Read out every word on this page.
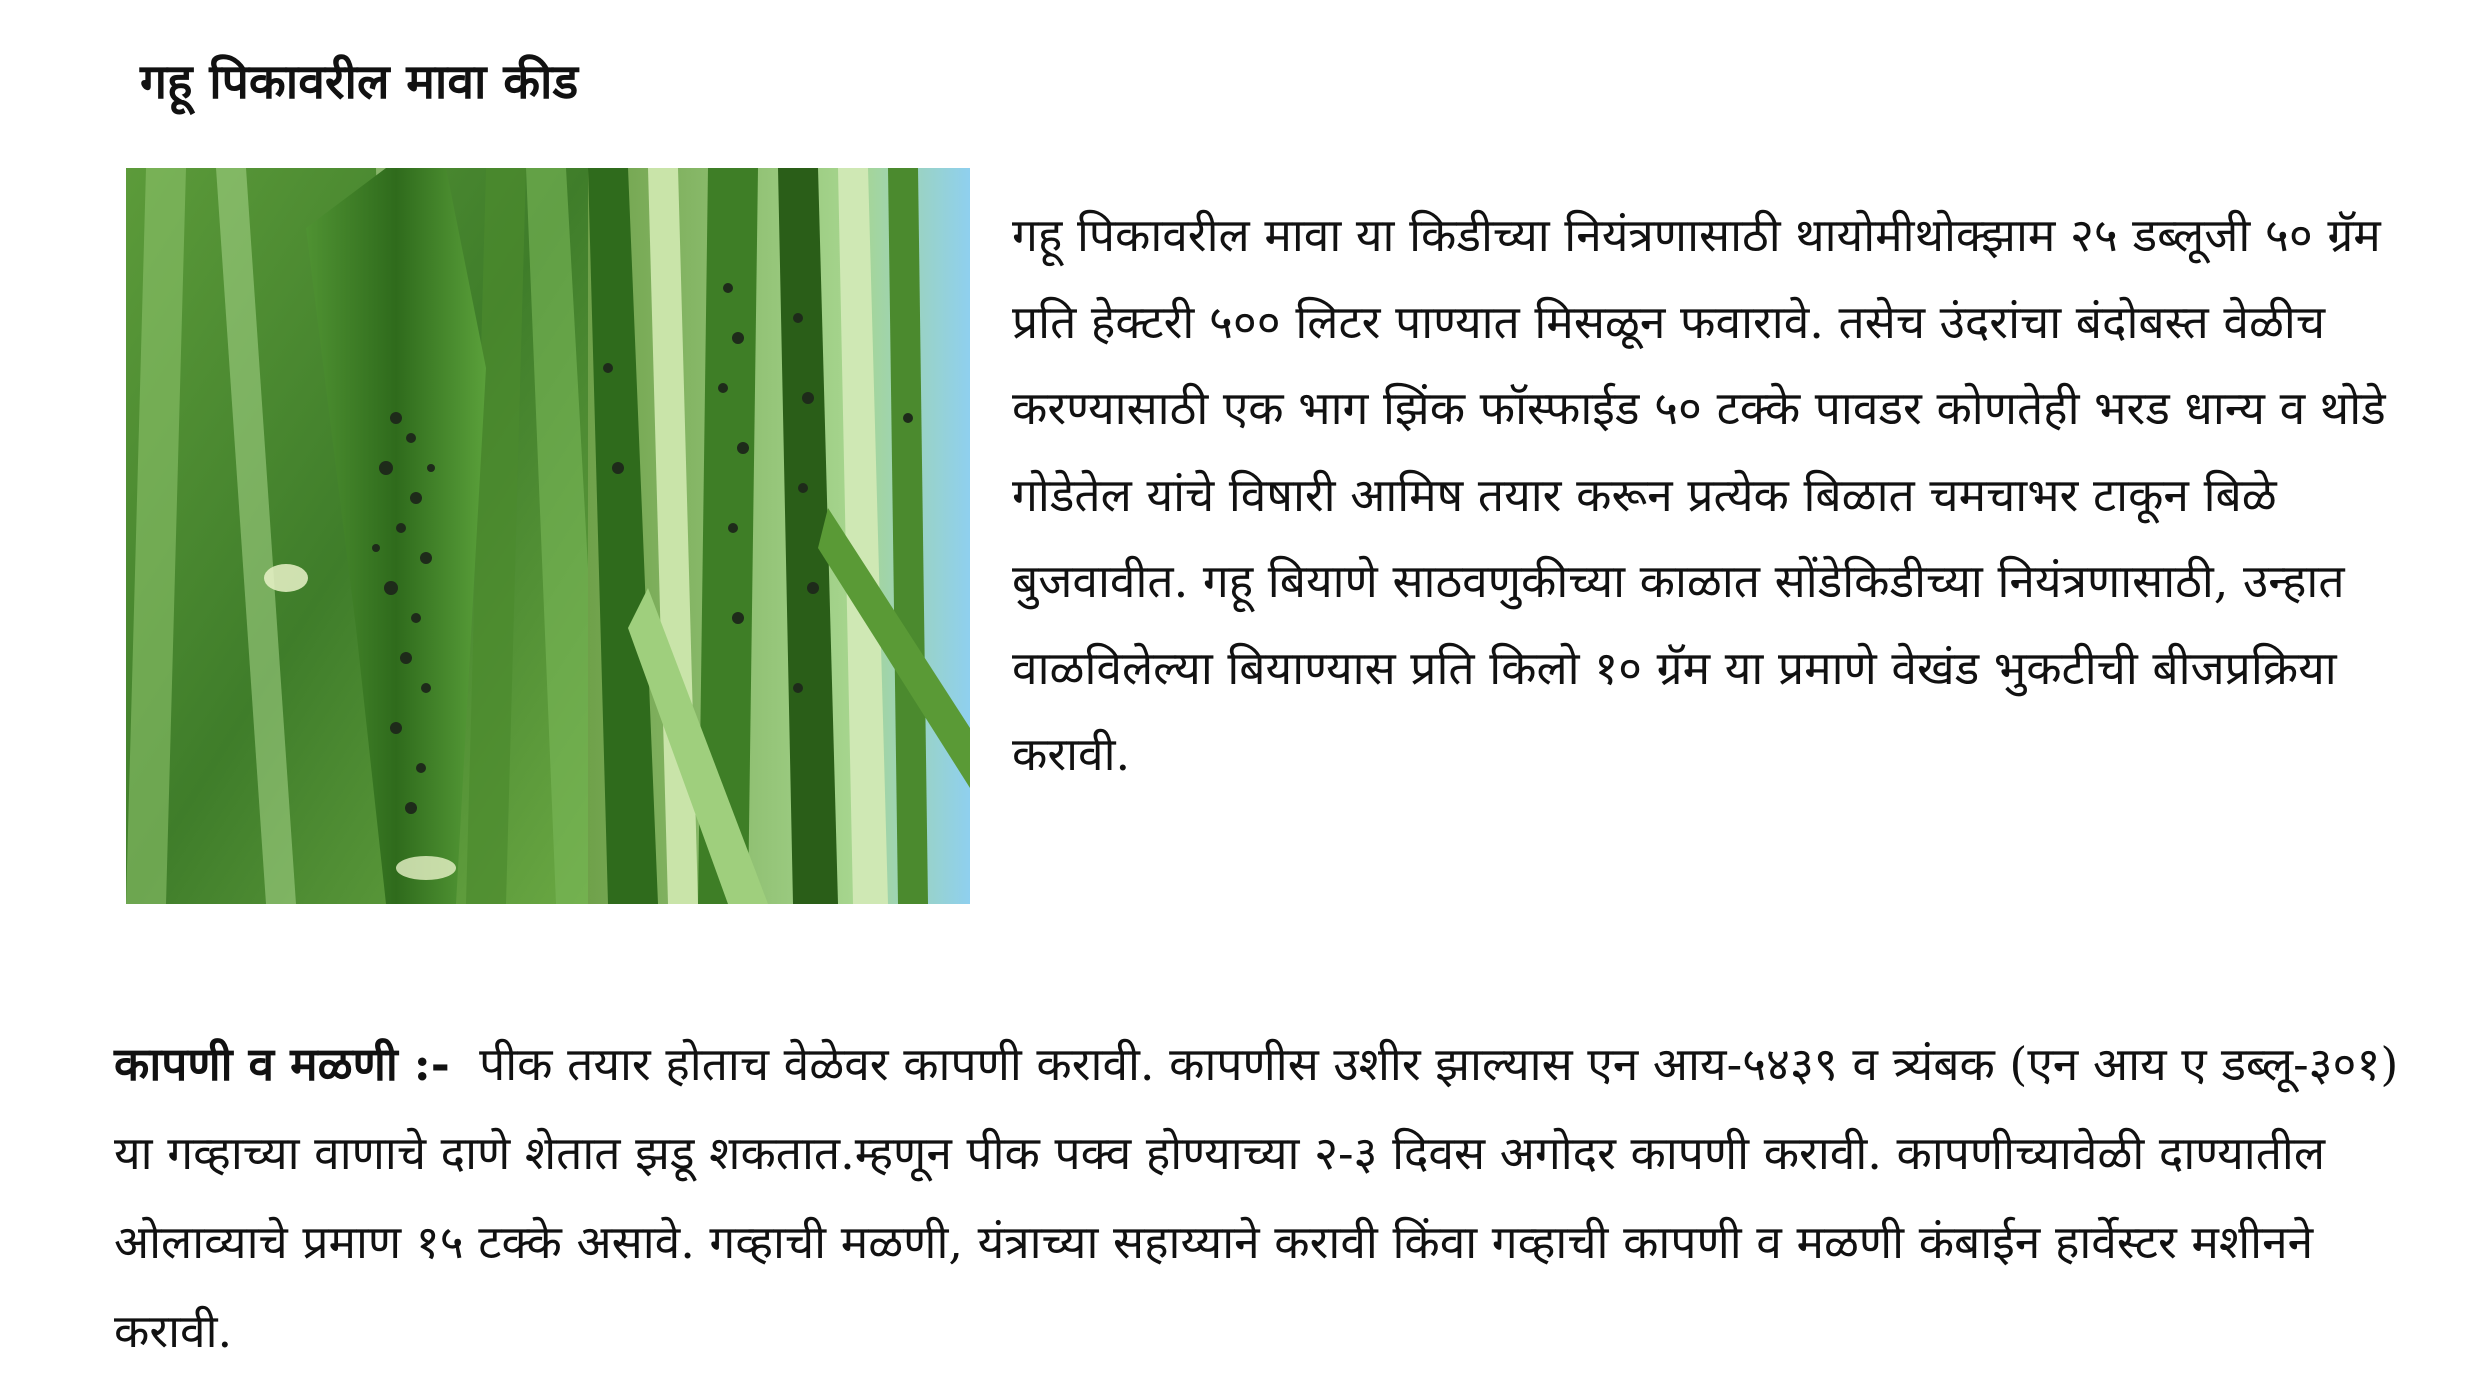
गहू पिकावरील मावा कीड

गहू पिकावरील मावा या किडीच्या नियंत्रणासाठी थायोमीथोक्झाम २५ डब्लूजी ५० ग्रॅम प्रति हेक्टरी ५०० लिटर पाण्यात मिसळून फवारावे. तसेच उंदरांचा बंदोबस्त वेळीच करण्यासाठी एक भाग झिंक फॉस्फाईड ५० टक्के पावडर कोणतेही भरड धान्य व थोडे गोडेतेल यांचे विषारी आमिष तयार करून प्रत्येक बिळात चमचाभर टाकून बिळे बुजवावीत. गहू बियाणे साठवणुकीच्या काळात सोंडेकिडीच्या नियंत्रणासाठी, उन्हात वाळविलेल्या बियाण्यास प्रति किलो १० ग्रॅम या प्रमाणे वेखंड भुकटीची बीजप्रक्रिया करावी.

कापणी व मळणी :- पीक तयार होताच वेळेवर कापणी करावी. कापणीस उशीर झाल्यास एन आय-५४३९ व त्र्यंबक (एन आय ए डब्लू-३०१) या गव्हाच्या वाणाचे दाणे शेतात झडू शकतात.म्हणून पीक पक्व होण्याच्या २-३ दिवस अगोदर कापणी करावी. कापणीच्यावेळी दाण्यातील ओलाव्याचे प्रमाण १५ टक्के असावे. गव्हाची मळणी, यंत्राच्या सहाय्याने करावी किंवा गव्हाची कापणी व मळणी कंबाईन हार्वेस्टर मशीनने करावी.
